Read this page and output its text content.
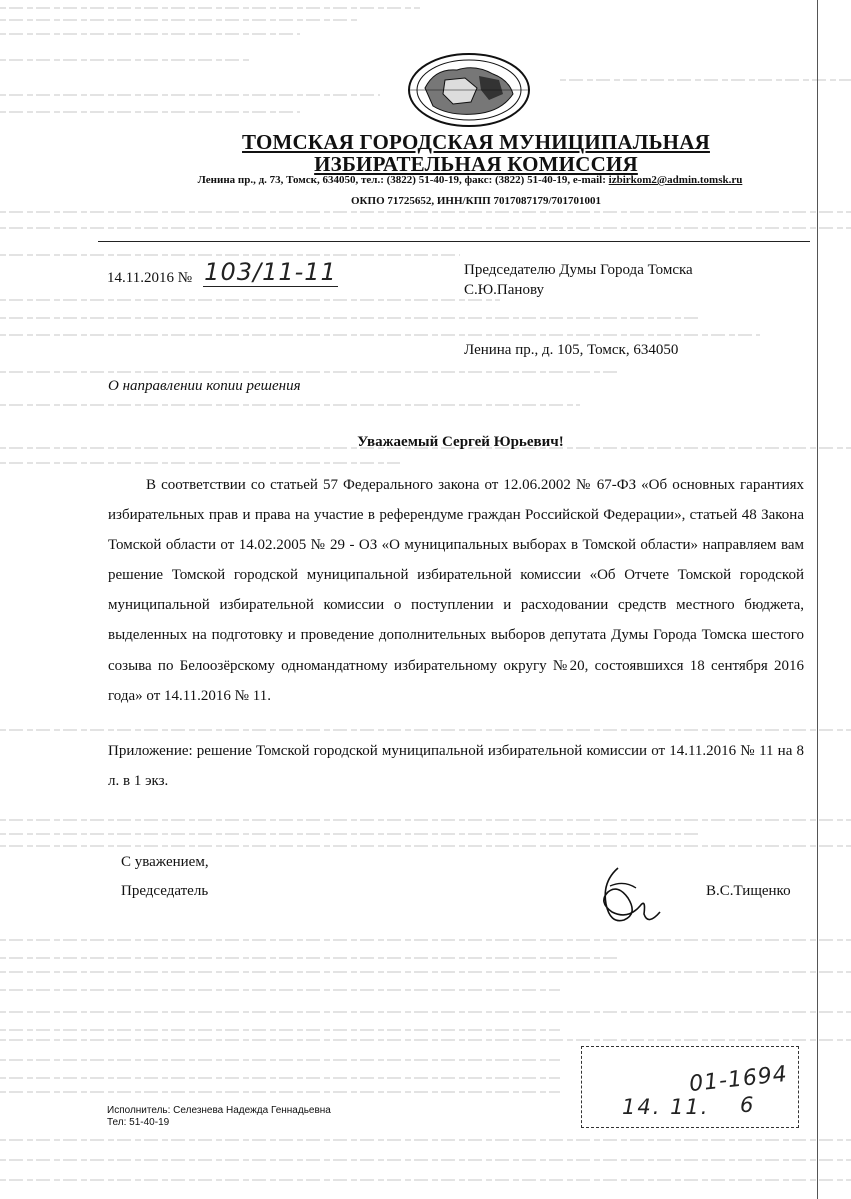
ТОМСКАЯ ГОРОДСКАЯ МУНИЦИПАЛЬНАЯ
ИЗБИРАТЕЛЬНАЯ КОМИССИЯ
Ленина пр., д. 73, Томск, 634050, тел.: (3822) 51-40-19, факс: (3822) 51-40-19, e-mail: izbirkom2@admin.tomsk.ru
ОКПО 71725652, ИНН/КПП 7017087179/701701001
14.11.2016 № 103/11-11	Председателю Думы Города Томска
С.Ю.Панову
Ленина пр., д. 105, Томск, 634050
О направлении копии решения
Уважаемый Сергей Юрьевич!

В соответствии со статьей 57 Федерального закона от 12.06.2002 № 67-ФЗ «Об основных гарантиях избирательных прав и права на участие в референдуме граждан Российской Федерации», статьей 48 Закона Томской области от 14.02.2005 № 29 - ОЗ «О муниципальных выборах в Томской области» направляем вам решение Томской городской муниципальной избирательной комиссии «Об Отчете Томской городской муниципальной избирательной комиссии о поступлении и расходовании средств местного бюджета, выделенных на подготовку и проведение дополнительных выборов депутата Думы Города Томска шестого созыва по Белоозёрскому одномандатному избирательному округу №20, состоявшихся 18 сентября 2016 года» от 14.11.2016 № 11.

Приложение: решение Томской городской муниципальной избирательной комиссии от 14.11.2016 № 11 на 8 л. в 1 экз.

С уважением,
Председатель	В.С.Тищенко
Исполнитель: Селезнева Надежда Геннадьевна
Тел: 51-40-19
01-1694
14. 11. 6
